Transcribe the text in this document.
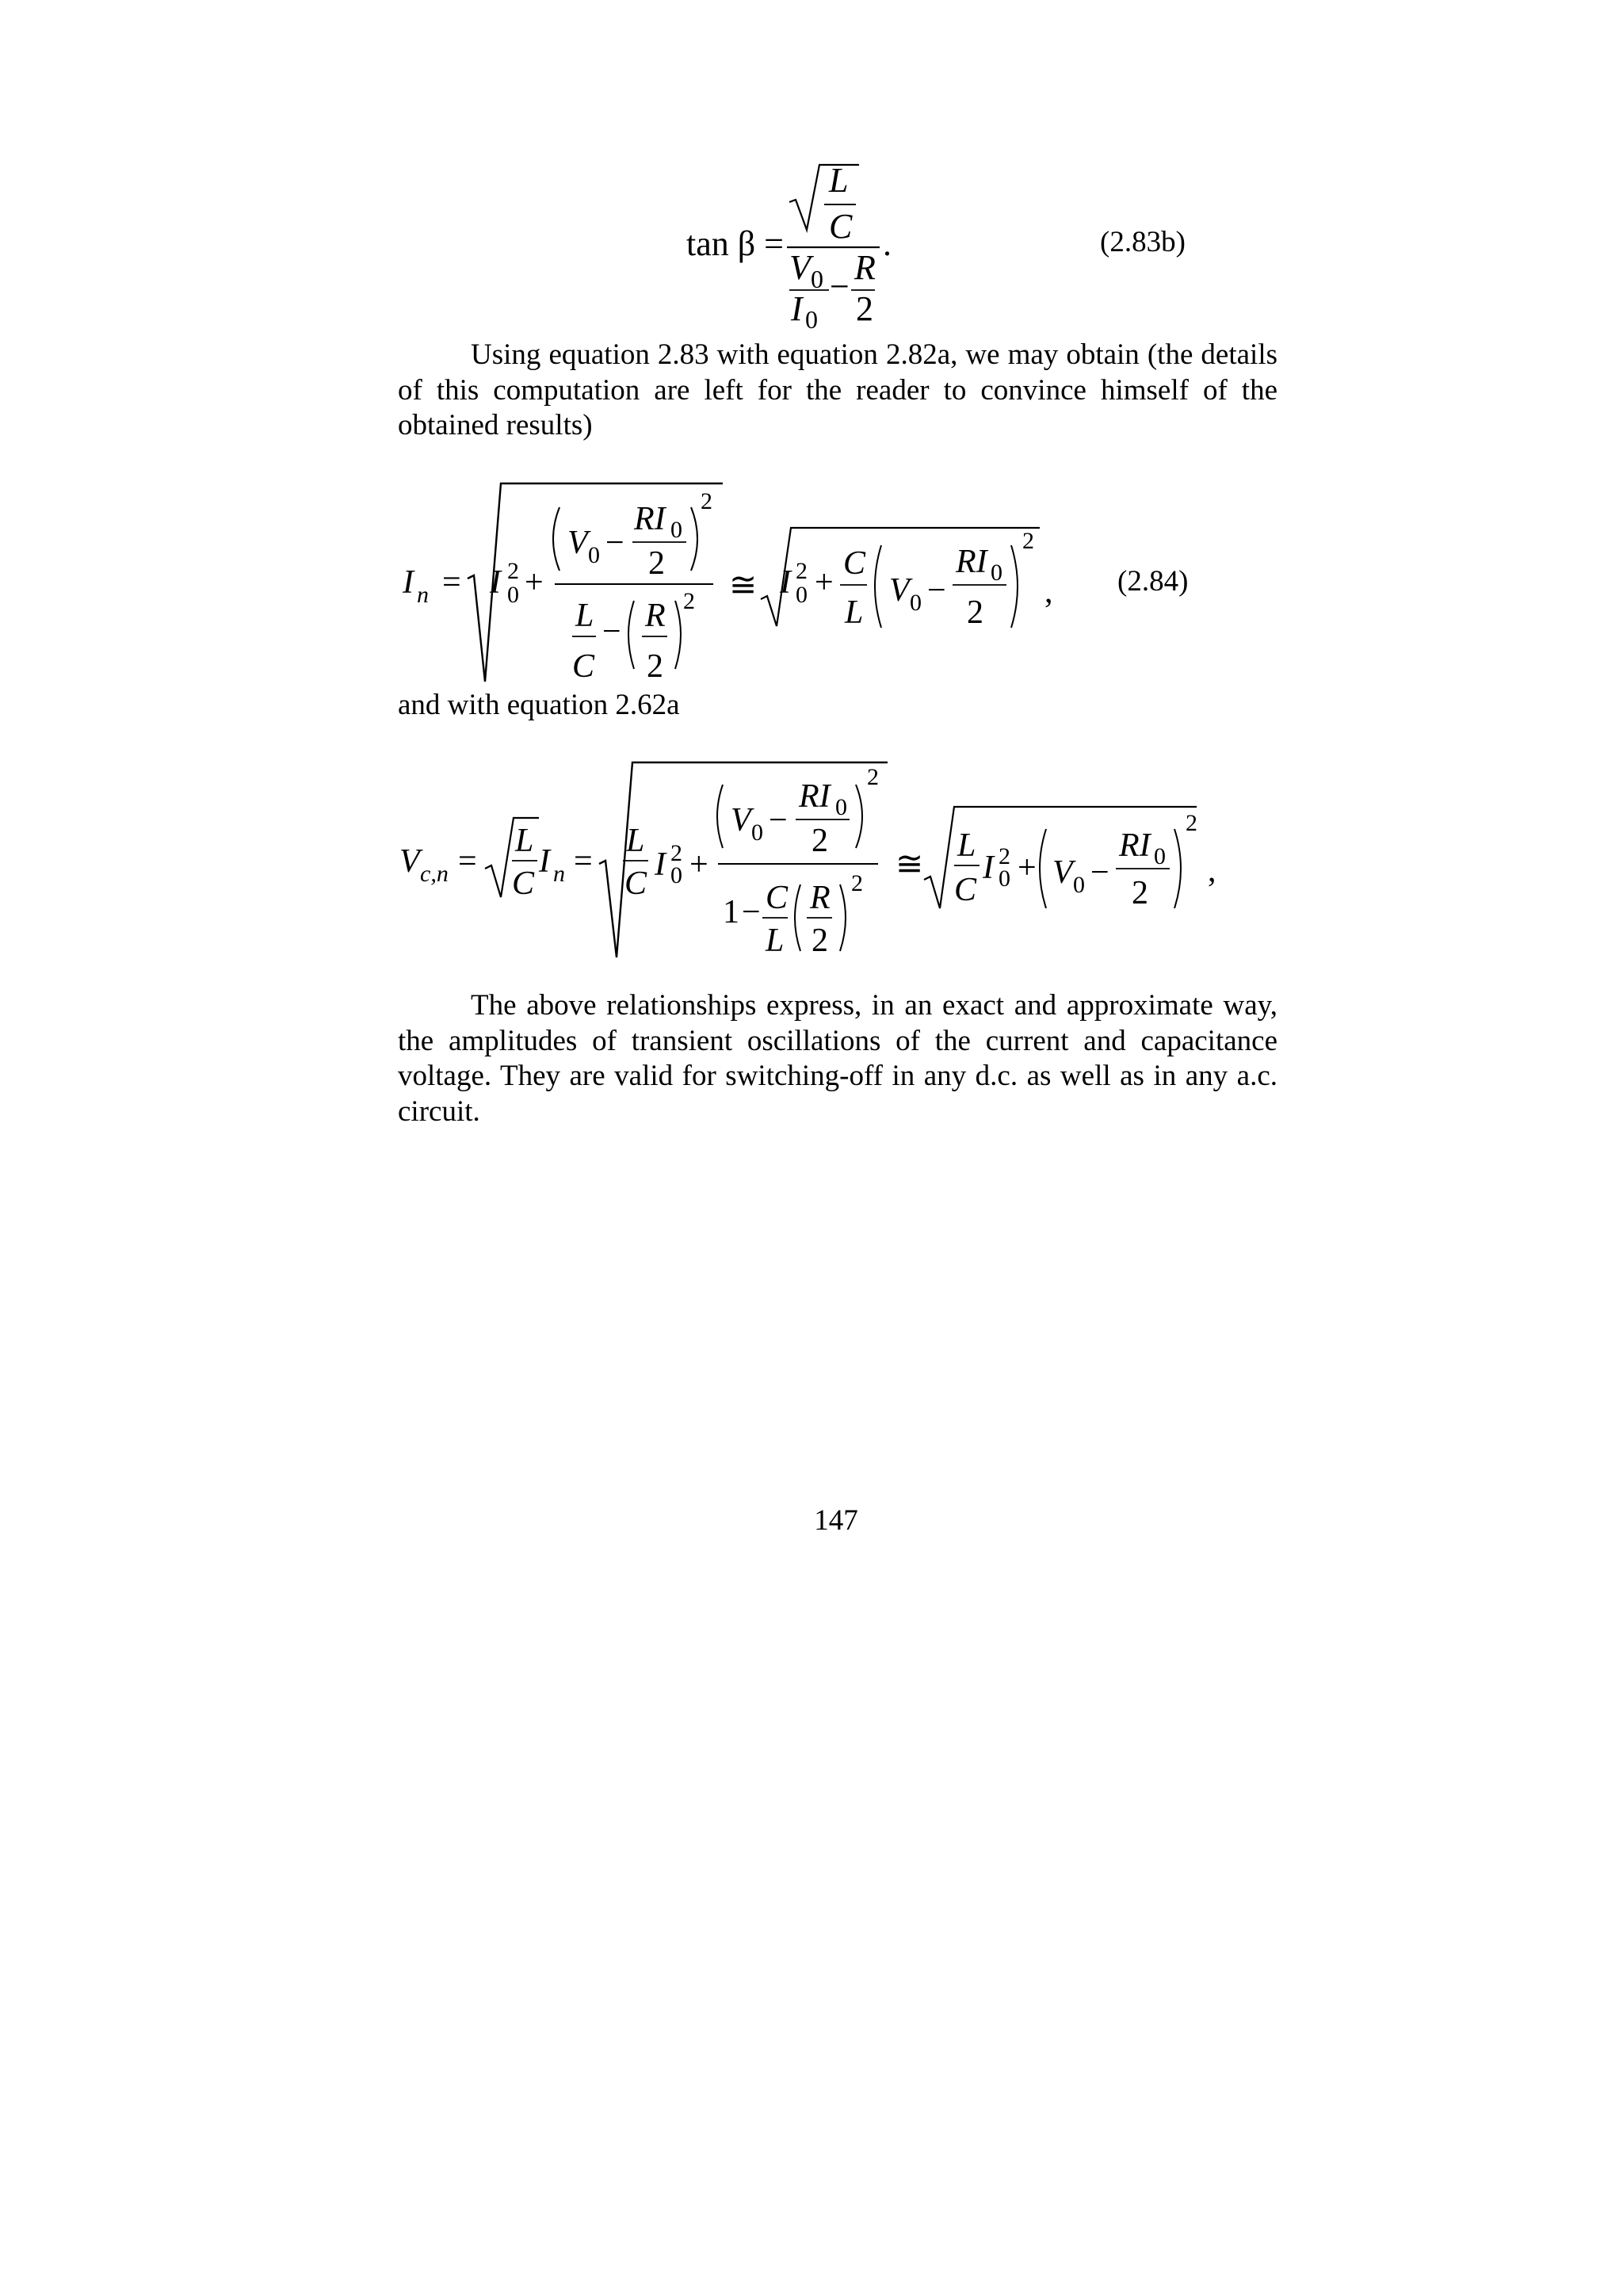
tan β =
L
C .
V 0
I 0
− R
2
(2.83b)

Using equation 2.83 with equation 2.82a, we may obtain (the details of this computation are left for the reader to convince himself of the obtained results)

I n = I 2
0 +
V 0 −
RI 0
2
2
L
C
− R
2
2 ≅ I 2
0 +
C
L
V 0 −
RI 0
2
2
, (2.84)

and with equation 2.62a

V c,n =
L
C
I n =
L
C
I 2
0 +
V 0 −
RI 0
2
2
1 − C
L
R
2
2
≅
L
C
I 2
0 + V 0 −
RI 0
2
2
,

The above relationships express, in an exact and approximate way, the amplitudes of transient oscillations of the current and capacitance voltage. They are valid for switching-off in any d.c. as well as in any a.c. circuit.

147
